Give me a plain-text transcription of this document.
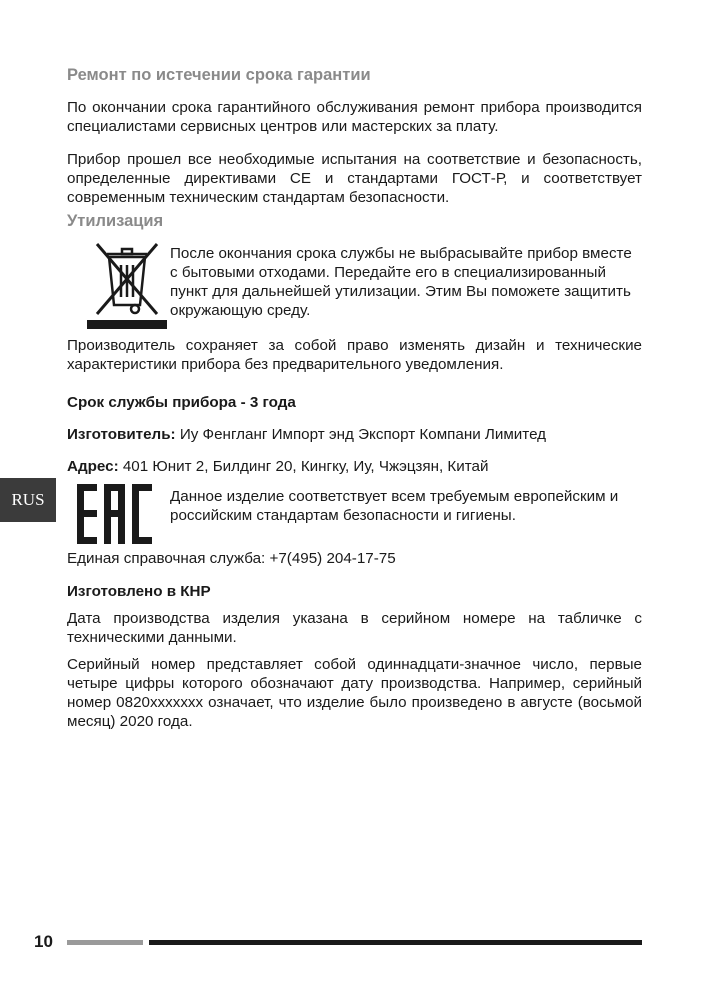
Ремонт по истечении срока гарантии

По окончании срока гарантийного обслуживания ремонт прибора производится специалистами сервисных центров или мастерских за плату.

Прибор прошел все необходимые испытания на соответствие и безопасность, определенные директивами CE и стандартами ГОСТ-Р, и соответствует современным техническим стандартам безопасности.

Утилизация

После окончания срока службы не выбрасывайте прибор вместе с бытовыми отходами. Передайте его в специализированный пункт для дальнейшей утилизации. Этим Вы поможете защитить окружающую среду.

Производитель сохраняет за собой право изменять дизайн и технические характеристики прибора без предварительного уведомления.

Срок службы прибора - 3 года

Изготовитель: Иу Фенгланг Импорт энд Экспорт Компани Лимитед

Адрес: 401 Юнит 2, Билдинг 20, Кингку, Иу, Чжэцзян, Китай

Данное изделие соответствует всем требуемым европейским и российским стандартам безопасности и гигиены.

Единая справочная служба: +7(495) 204-17-75

Изготовлено в КНР

Дата производства изделия указана в серийном номере на табличке с техническими данными.

Серийный номер представляет собой одиннадцати-значное число, первые четыре цифры которого обозначают дату производства. Например, серийный номер 0820xxxxxxx означает, что изделие было произведено в августе (восьмой месяц) 2020 года.

RUS
10
